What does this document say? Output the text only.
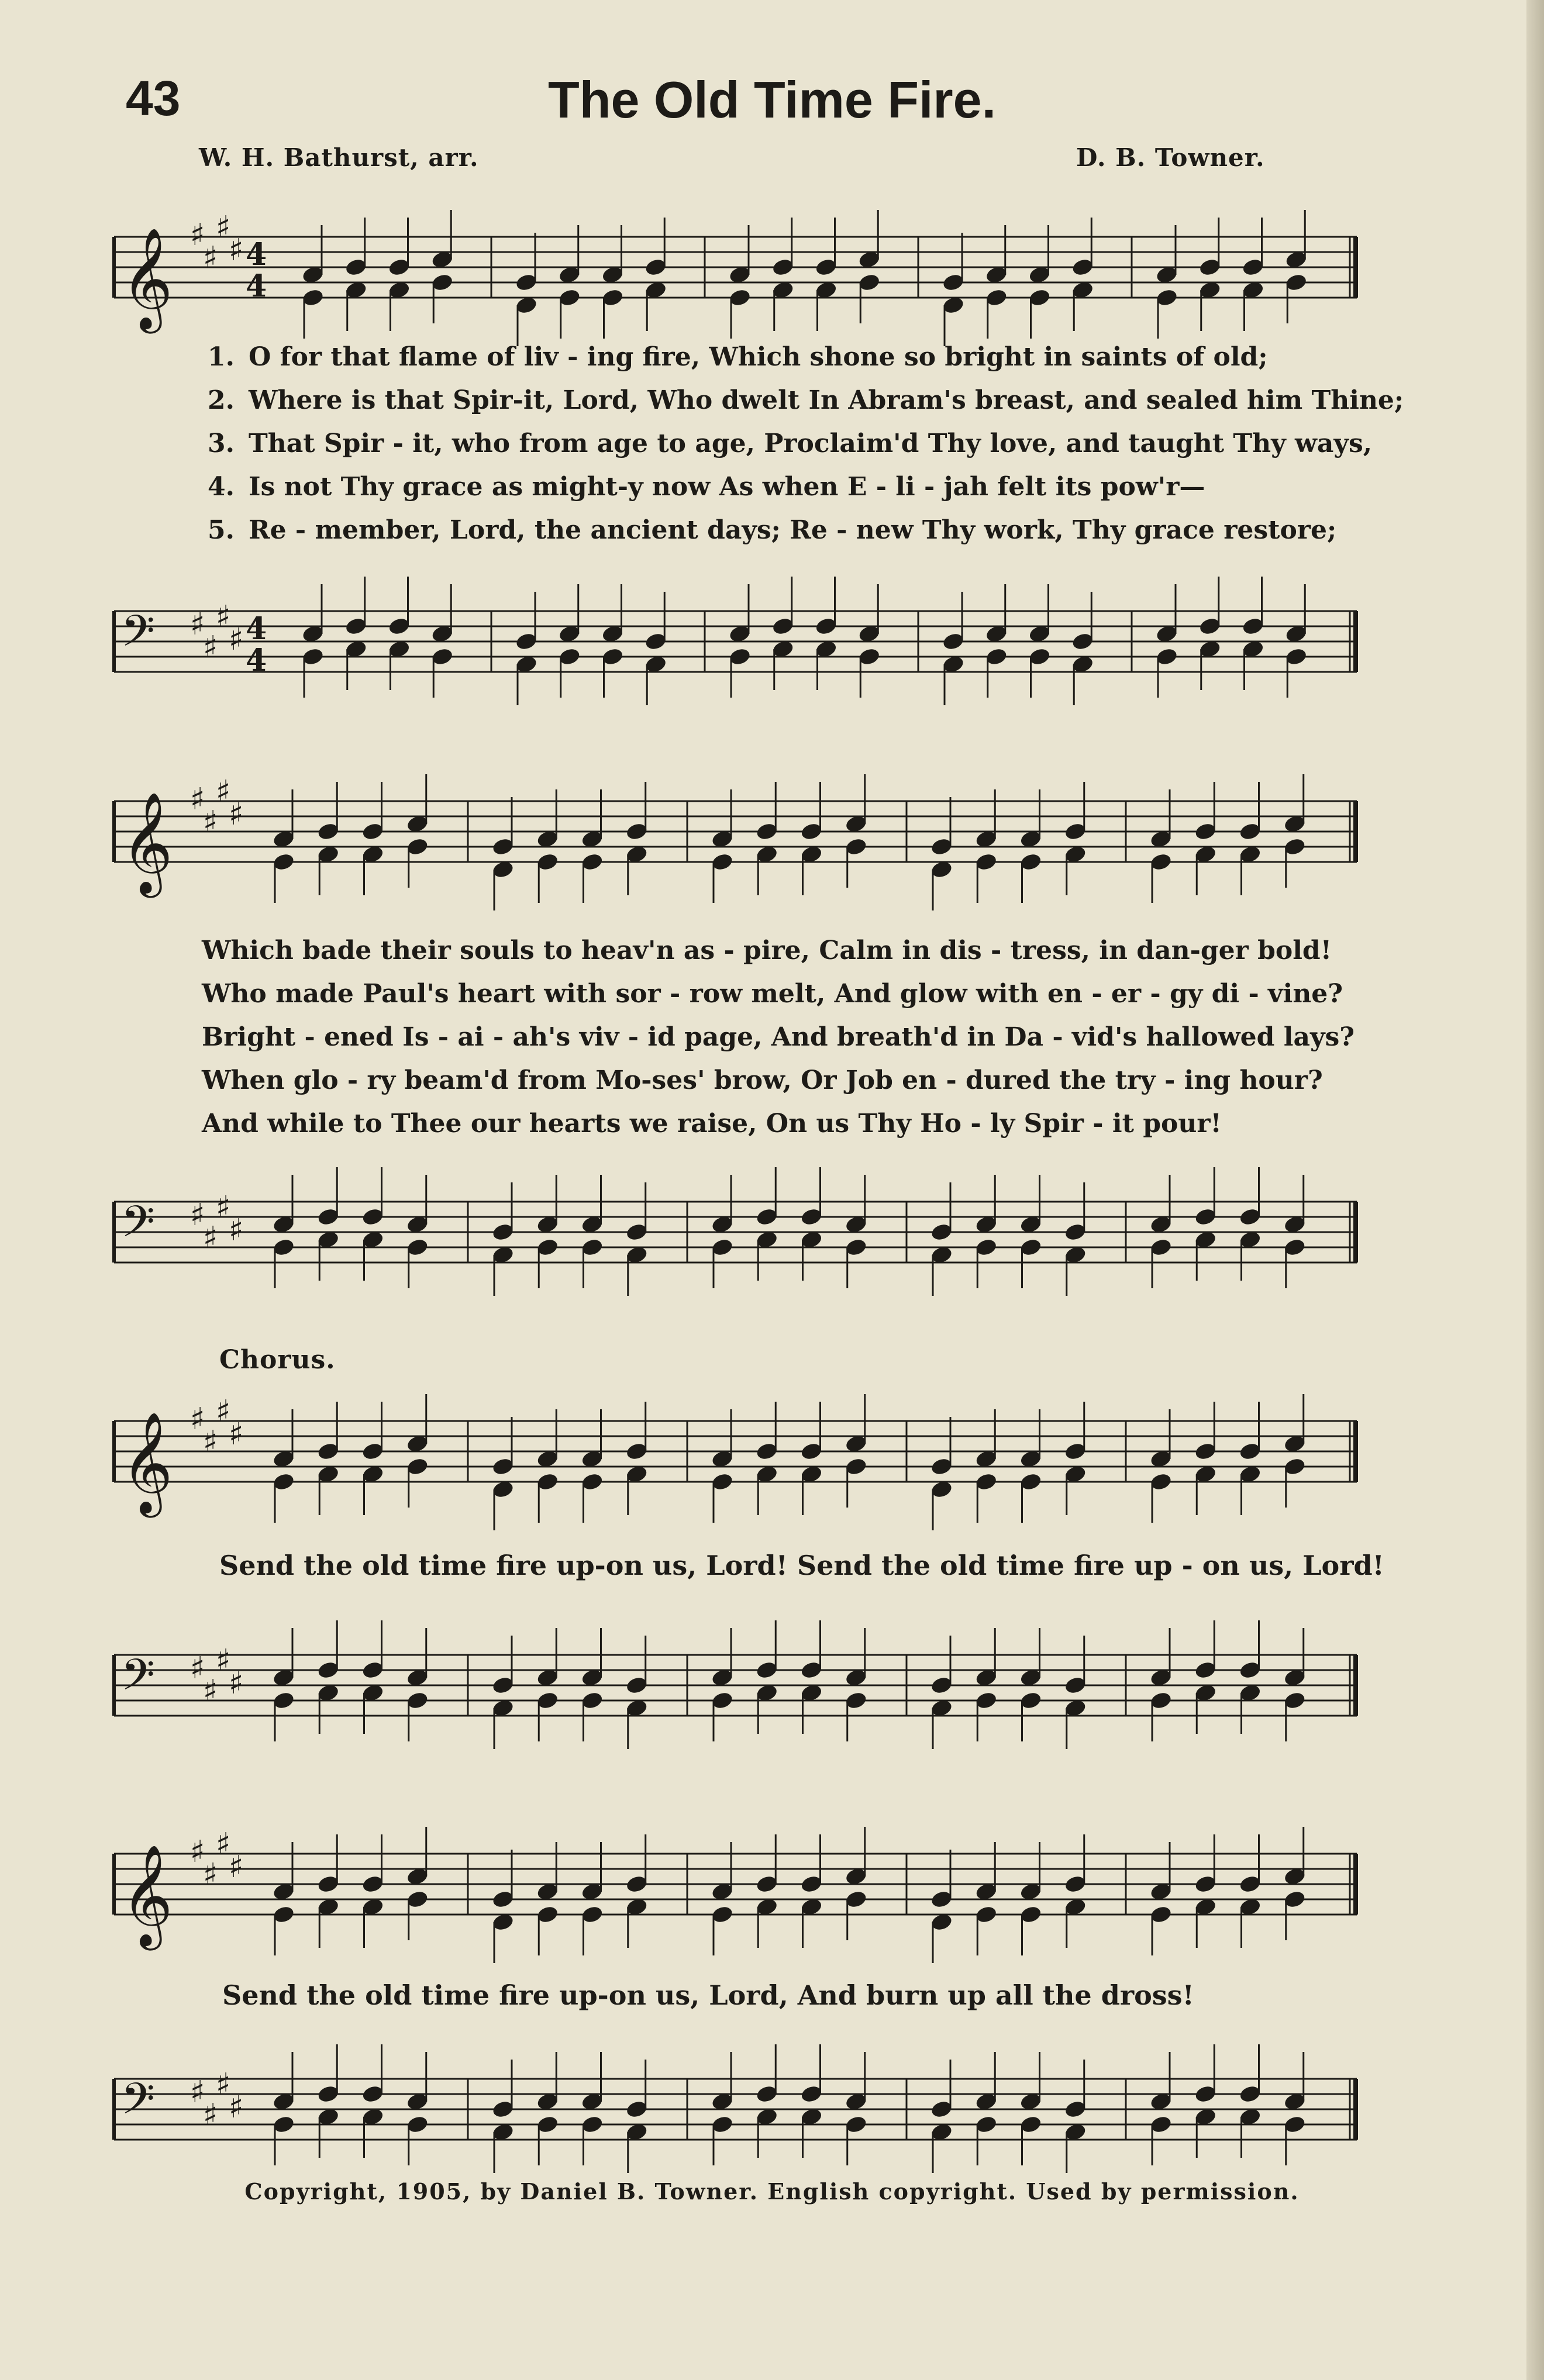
43	The Old Time Fire.
W. H. Bathurst, arr.	D. B. Towner.
𝄞 ♯
♯
♯
♯ 4
4
1. O for that flame of liv - ing fire, Which shone so bright in saints of old;
2. Where is that Spir-it, Lord, Who dwelt In Abram's breast, and sealed him Thine;
3. That Spir - it, who from age to age, Proclaim'd Thy love, and taught Thy ways,
4. Is not Thy grace as might-y now As when E - li - jah felt its pow'r—
5. Re - member, Lord, the ancient days; Re - new Thy work, Thy grace restore;
𝄢 ♯
♯
♯
♯ 4
4
𝄞 ♯
♯
♯
♯
Which bade their souls to heav'n as - pire, Calm in dis - tress, in dan-ger bold!
Who made Paul's heart with sor - row melt, And glow with en - er - gy di - vine?
Bright - ened Is - ai - ah's viv - id page, And breath'd in Da - vid's hallowed lays?
When glo - ry beam'd from Mo-ses' brow, Or Job en - dured the try - ing hour?
And while to Thee our hearts we raise, On us Thy Ho - ly Spir - it pour!
𝄢 ♯
♯
♯
♯
Chorus.
𝄞 ♯
♯
♯
♯
Send the old time fire up-on us, Lord! Send the old time fire up - on us, Lord!
𝄢 ♯
♯
♯
♯
𝄞 ♯
♯
♯
♯
Send the old time fire up-on us, Lord, And burn up all the dross!
𝄢 ♯
♯
♯
♯
Copyright, 1905, by Daniel B. Towner. English copyright. Used by permission.
